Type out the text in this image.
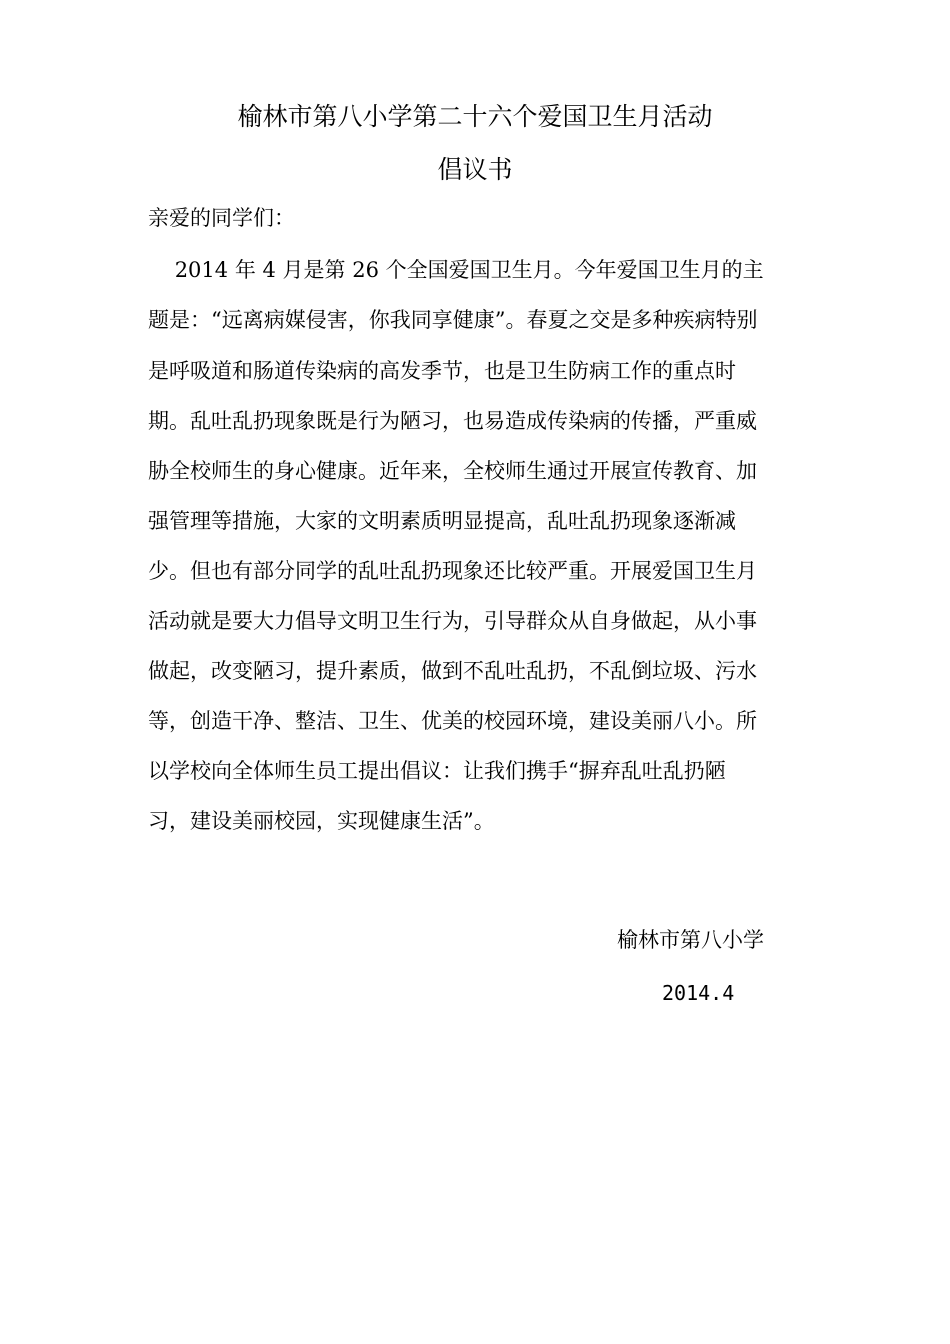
榆林市第八小学第二十六个爱国卫生月活动
倡议书
亲爱的同学们：
2014 年 4 月是第 26 个全国爱国卫生月。今年爱国卫生月的主
题是：“远离病媒侵害，你我同享健康”。春夏之交是多种疾病特别
是呼吸道和肠道传染病的高发季节，也是卫生防病工作的重点时
期。乱吐乱扔现象既是行为陋习，也易造成传染病的传播，严重威
胁全校师生的身心健康。近年来，全校师生通过开展宣传教育、加
强管理等措施，大家的文明素质明显提高，乱吐乱扔现象逐渐减
少。但也有部分同学的乱吐乱扔现象还比较严重。开展爱国卫生月
活动就是要大力倡导文明卫生行为，引导群众从自身做起，从小事
做起，改变陋习，提升素质，做到不乱吐乱扔，不乱倒垃圾、污水
等，创造干净、整洁、卫生、优美的校园环境，建设美丽八小。所
以学校向全体师生员工提出倡议：让我们携手“摒弃乱吐乱扔陋
习，建设美丽校园，实现健康生活”。
榆林市第八小学
2014.4
